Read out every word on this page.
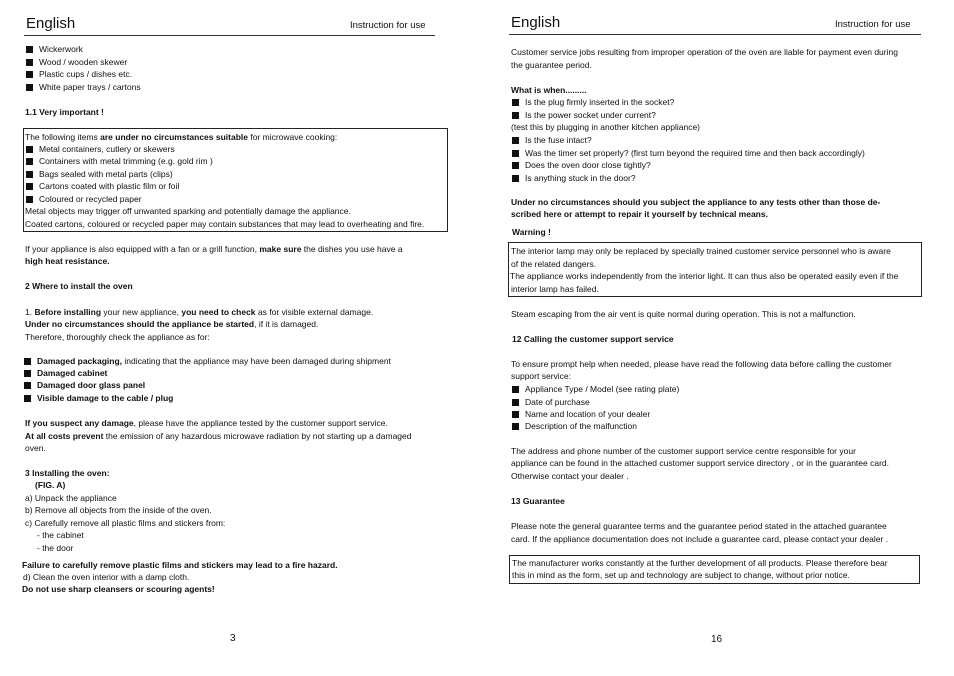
English	Instruction for use
Wickerwork
Wood / wooden skewer
Plastic cups / dishes etc.
White paper trays / cartons
1.1 Very important !
The following items are under no circumstances suitable for microwave cooking:
Metal containers, cutlery or skewers
Containers with metal trimming (e.g. gold rim )
Bags sealed with metal parts (clips)
Cartons coated with plastic film or foil
Coloured or recycled paper
Metal objects may trigger off unwanted sparking and potentially damage the appliance.
Coated cartons, coloured or recycled paper may contain substances that may lead to overheating and fire.
If your appliance is also equipped with a fan or a grill function, make sure the dishes you use have a
high heat resistance.
2 Where to install the oven
1. Before installing your new appliance, you need to check as for visible external damage.
Under no circumstances should the appliance be started, if it is damaged.
Therefore, thoroughly check the appliance as for:
Damaged packaging, indicating that the appliance may have been damaged during shipment
Damaged cabinet
Damaged door glass panel
Visible damage to the cable / plug
If you suspect any damage, please have the appliance tested by the customer support service.
At all costs prevent the emission of any hazardous microwave radiation by not starting up a damaged
oven.
3 Installing the oven:
(FIG. A)
a) Unpack the appliance
b) Remove all objects from the inside of the oven.
c) Carefully remove all plastic films and stickers from:
- the cabinet
- the door
Failure to carefully remove plastic films and stickers may lead to a fire hazard.
d) Clean the oven interior with a damp cloth.
Do not use sharp cleansers or scouring agents!
3
English	Instruction for use
Customer service jobs resulting from improper operation of the oven are liable for payment even during
the guarantee period.
What is when.........
Is the plug firmly inserted in the socket?
Is the power socket under current?
(test this by plugging in another kitchen appliance)
Is the fuse intact?
Was the timer set properly? (first turn beyond the required time and then back accordingly)
Does the oven door close tightly?
Is anything stuck in the door?
Under no circumstances should you subject the appliance to any tests other than those de-
scribed here or attempt to repair it yourself by technical means.
Warning !
The interior lamp may only be replaced by specially trained customer service personnel who is aware
of the related dangers.
The appliance works independently from the interior light. It can thus also be operated easily even if the
interior lamp has failed.
Steam escaping from the air vent is quite normal during operation. This is not a malfunction.
12 Calling the customer support service
To ensure prompt help when needed, please have read the following data before calling the customer
support service:
Appliance Type / Model (see rating plate)
Date of purchase
Name and location of your dealer
Description of the malfunction
The address and phone number of the customer support service centre responsible for your
appliance can be found in the attached customer support service directory , or in the guarantee card.
Otherwise contact your dealer .
13 Guarantee
Please note the general guarantee terms and the guarantee period stated in the attached guarantee
card. If the appliance documentation does not include a guarantee card, please contact your dealer .
The manufacturer works constantly at the further development of all products. Please therefore bear
this in mind as the form, set up and technology are subject to change, without prior notice.
16
